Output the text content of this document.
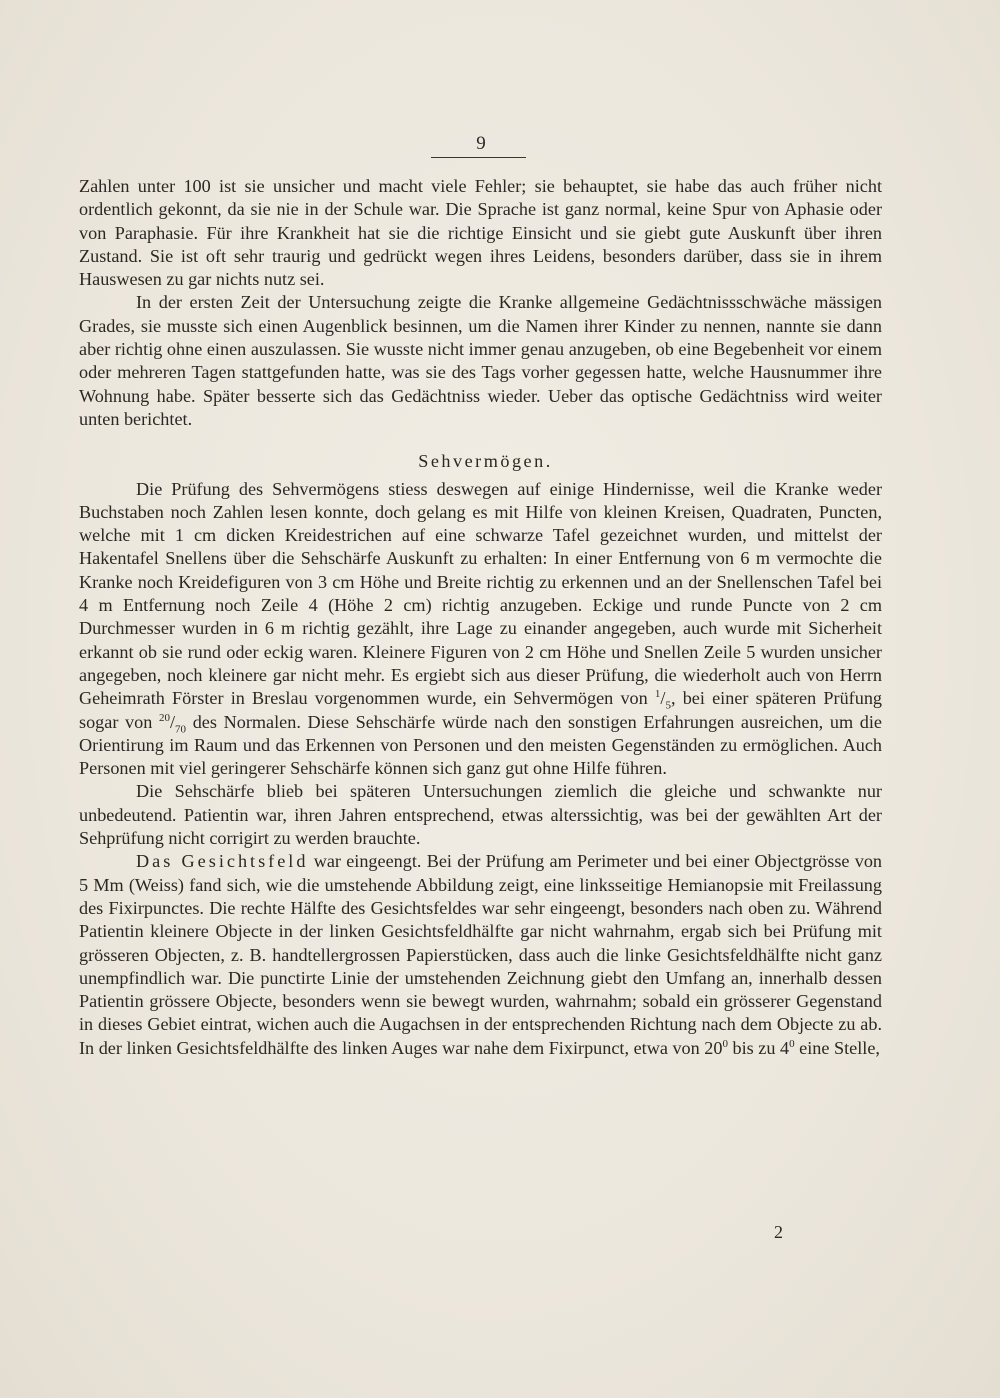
9

Zahlen unter 100 ist sie unsicher und macht viele Fehler; sie behauptet, sie habe das auch früher nicht ordentlich gekonnt, da sie nie in der Schule war. Die Sprache ist ganz normal, keine Spur von Aphasie oder von Paraphasie. Für ihre Krankheit hat sie die richtige Einsicht und sie giebt gute Auskunft über ihren Zustand. Sie ist oft sehr traurig und gedrückt wegen ihres Leidens, besonders darüber, dass sie in ihrem Hauswesen zu gar nichts nutz sei.

In der ersten Zeit der Untersuchung zeigte die Kranke allgemeine Gedächtnissschwäche mässigen Grades, sie musste sich einen Augenblick besinnen, um die Namen ihrer Kinder zu nennen, nannte sie dann aber richtig ohne einen auszulassen. Sie wusste nicht immer genau anzugeben, ob eine Begebenheit vor einem oder mehreren Tagen stattgefunden hatte, was sie des Tags vorher gegessen hatte, welche Hausnummer ihre Wohnung habe. Später besserte sich das Gedächtniss wieder. Ueber das optische Gedächtniss wird weiter unten berichtet.

Sehvermögen.

Die Prüfung des Sehvermögens stiess deswegen auf einige Hindernisse, weil die Kranke weder Buchstaben noch Zahlen lesen konnte, doch gelang es mit Hilfe von kleinen Kreisen, Quadraten, Puncten, welche mit 1 cm dicken Kreidestrichen auf eine schwarze Tafel gezeichnet wurden, und mittelst der Hakentafel Snellens über die Sehschärfe Auskunft zu erhalten: In einer Entfernung von 6 m vermochte die Kranke noch Kreidefiguren von 3 cm Höhe und Breite richtig zu erkennen und an der Snellenschen Tafel bei 4 m Entfernung noch Zeile 4 (Höhe 2 cm) richtig anzugeben. Eckige und runde Puncte von 2 cm Durchmesser wurden in 6 m richtig gezählt, ihre Lage zu einander angegeben, auch wurde mit Sicherheit erkannt ob sie rund oder eckig waren. Kleinere Figuren von 2 cm Höhe und Snellen Zeile 5 wurden unsicher angegeben, noch kleinere gar nicht mehr. Es ergiebt sich aus dieser Prüfung, die wiederholt auch von Herrn Geheimrath Förster in Breslau vorgenommen wurde, ein Sehvermögen von $^1/_5$, bei einer späteren Prüfung sogar von $^{20}/_{70}$ des Normalen. Diese Sehschärfe würde nach den sonstigen Erfahrungen ausreichen, um die Orientirung im Raum und das Erkennen von Personen und den meisten Gegenständen zu ermöglichen. Auch Personen mit viel geringerer Sehschärfe können sich ganz gut ohne Hilfe führen.

Die Sehschärfe blieb bei späteren Untersuchungen ziemlich die gleiche und schwankte nur unbedeutend. Patientin war, ihren Jahren entsprechend, etwas alterssichtig, was bei der gewählten Art der Sehprüfung nicht corrigirt zu werden brauchte.

Das Gesichtsfeld war eingeengt. Bei der Prüfung am Perimeter und bei einer Objectgrösse von 5 Mm (Weiss) fand sich, wie die umstehende Abbildung zeigt, eine linksseitige Hemianopsie mit Freilassung des Fixirpunctes. Die rechte Hälfte des Gesichtsfeldes war sehr eingeengt, besonders nach oben zu. Während Patientin kleinere Objecte in der linken Gesichtsfeldhälfte gar nicht wahrnahm, ergab sich bei Prüfung mit grösseren Objecten, z. B. handtellergrossen Papierstücken, dass auch die linke Gesichtsfeldhälfte nicht ganz unempfindlich war. Die punctirte Linie der umstehenden Zeichnung giebt den Umfang an, innerhalb dessen Patientin grössere Objecte, besonders wenn sie bewegt wurden, wahrnahm; sobald ein grösserer Gegenstand in dieses Gebiet eintrat, wichen auch die Augachsen in der entsprechenden Richtung nach dem Objecte zu ab. In der linken Gesichtsfeldhälfte des linken Auges war nahe dem Fixirpunct, etwa von $20^0$ bis zu $4^0$ eine Stelle,

2
